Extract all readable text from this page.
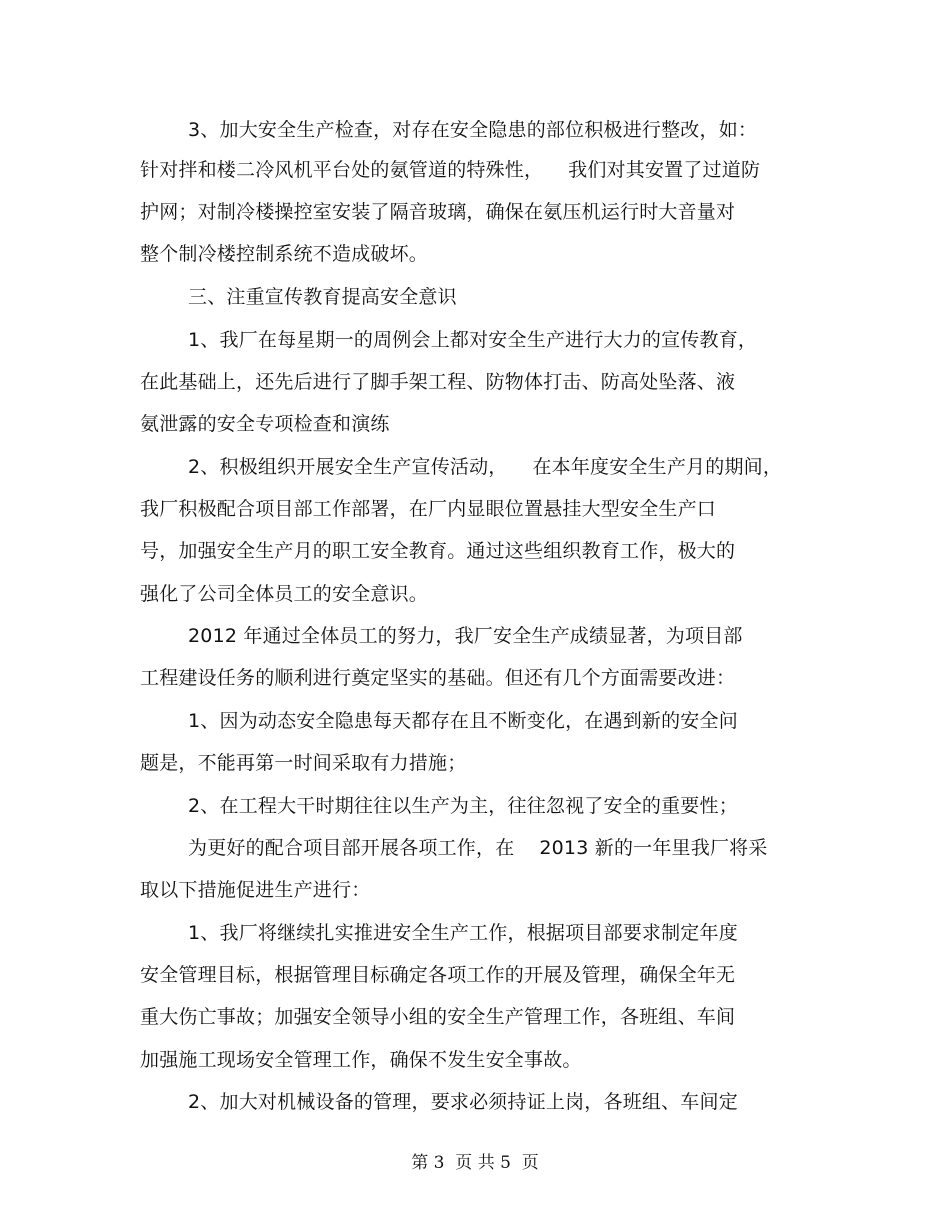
3、加大安全生产检查，对存在安全隐患的部位积极进行整改，如：
针对拌和楼二冷风机平台处的氨管道的特殊性，    我们对其安置了过道防
护网；对制冷楼操控室安装了隔音玻璃，确保在氨压机运行时大音量对
整个制冷楼控制系统不造成破坏。
三、注重宣传教育提高安全意识
1、我厂在每星期一的周例会上都对安全生产进行大力的宣传教育，
在此基础上，还先后进行了脚手架工程、防物体打击、防高处坠落、液
氨泄露的安全专项检查和演练
2、积极组织开展安全生产宣传活动，    在本年度安全生产月的期间，
我厂积极配合项目部工作部署，在厂内显眼位置悬挂大型安全生产口
号，加强安全生产月的职工安全教育。通过这些组织教育工作，极大的
强化了公司全体员工的安全意识。
2012 年通过全体员工的努力，我厂安全生产成绩显著，为项目部
工程建设任务的顺利进行奠定坚实的基础。但还有几个方面需要改进：
1、因为动态安全隐患每天都存在且不断变化，在遇到新的安全问
题是，不能再第一时间采取有力措施；
2、在工程大干时期往往以生产为主，往往忽视了安全的重要性；
为更好的配合项目部开展各项工作，在    2013 新的一年里我厂将采
取以下措施促进生产进行：
1、我厂将继续扎实推进安全生产工作，根据项目部要求制定年度
安全管理目标，根据管理目标确定各项工作的开展及管理，确保全年无
重大伤亡事故；加强安全领导小组的安全生产管理工作，各班组、车间
加强施工现场安全管理工作，确保不发生安全事故。
2、加大对机械设备的管理，要求必须持证上岗，各班组、车间定
第 3  页 共 5  页
